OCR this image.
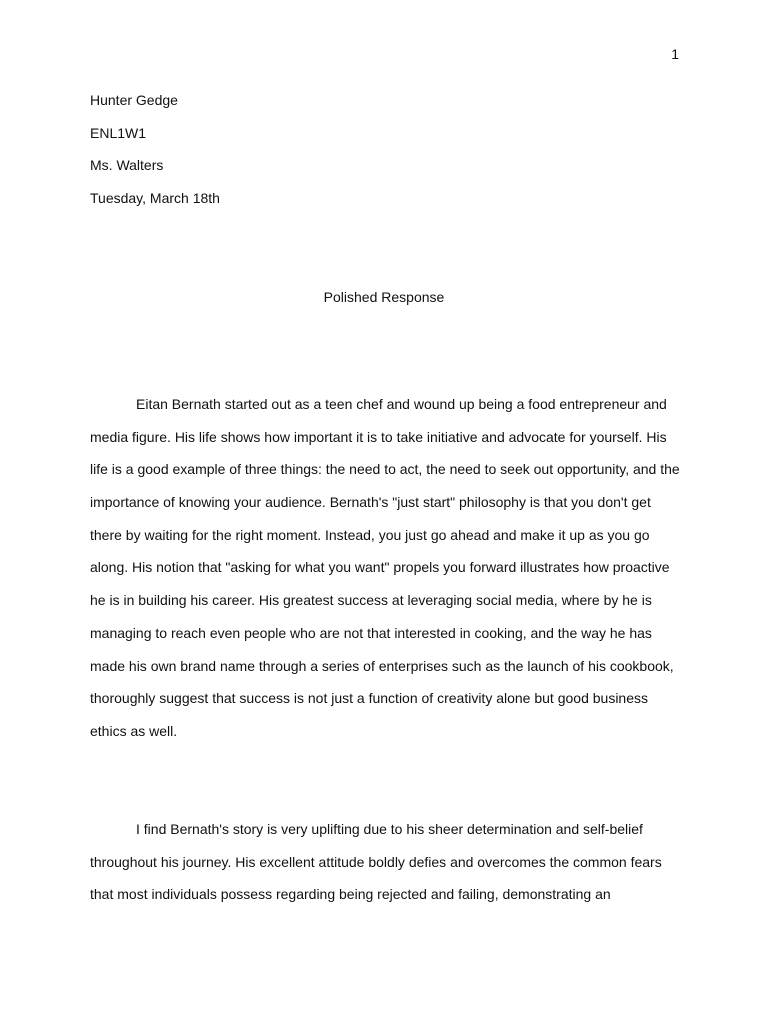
1
Hunter Gedge
ENL1W1
Ms. Walters
Tuesday, March 18th
Polished Response
Eitan Bernath started out as a teen chef and wound up being a food entrepreneur and
media figure. His life shows how important it is to take initiative and advocate for yourself. His
life is a good example of three things: the need to act, the need to seek out opportunity, and the
importance of knowing your audience. Bernath's "just start" philosophy is that you don't get
there by waiting for the right moment. Instead, you just go ahead and make it up as you go
along. His notion that "asking for what you want" propels you forward illustrates how proactive
he is in building his career. His greatest success at leveraging social media, where by he is
managing to reach even people who are not that interested in cooking, and the way he has
made his own brand name through a series of enterprises such as the launch of his cookbook,
thoroughly suggest that success is not just a function of creativity alone but good business
ethics as well.
I find Bernath's story is very uplifting due to his sheer determination and self-belief
throughout his journey. His excellent attitude boldly defies and overcomes the common fears
that most individuals possess regarding being rejected and failing, demonstrating an
